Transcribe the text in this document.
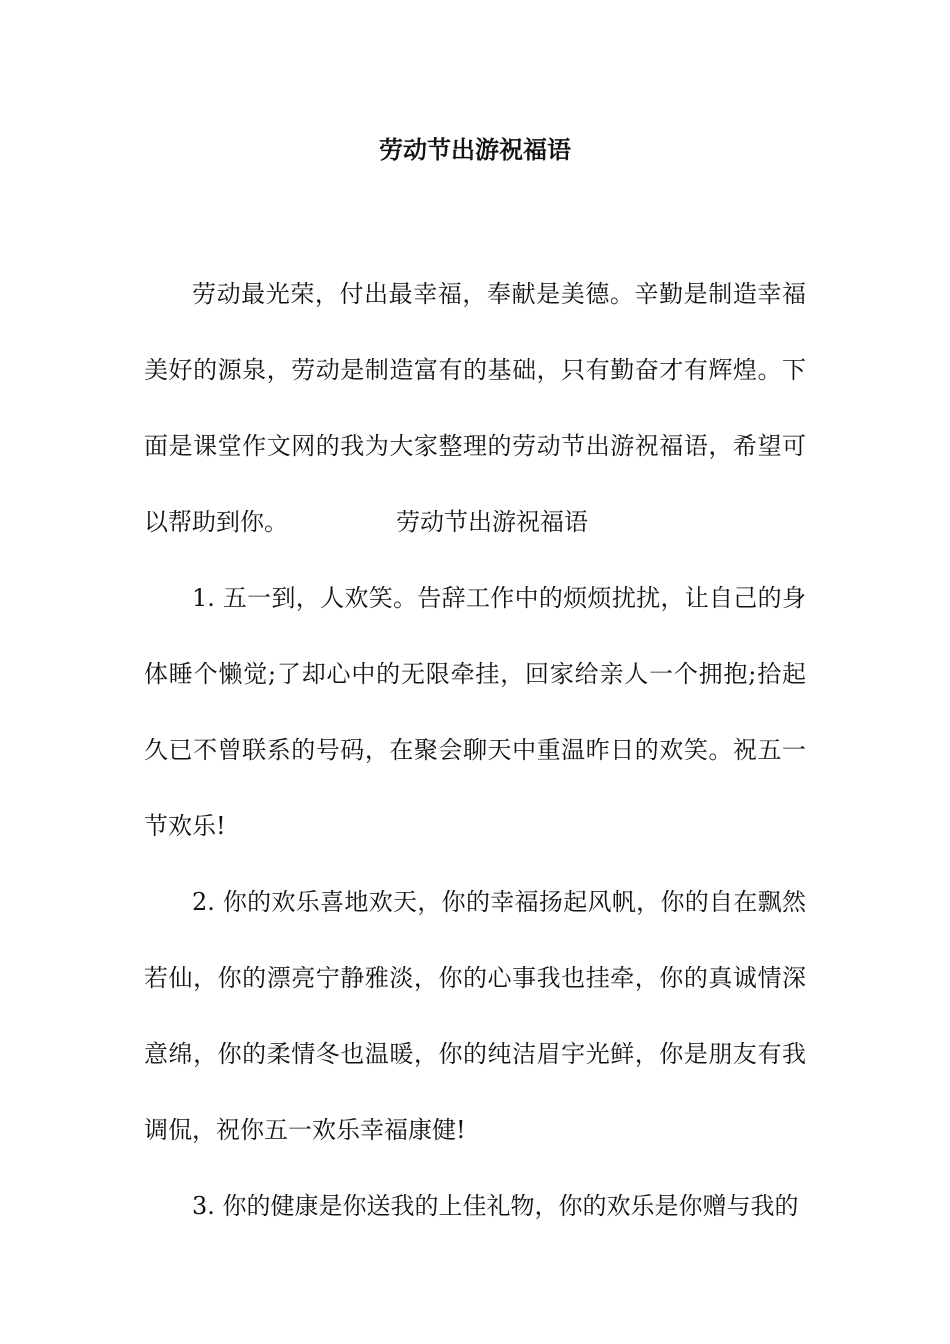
劳动节出游祝福语

劳动最光荣，付出最幸福，奉献是美德。辛勤是制造幸福美好的源泉，劳动是制造富有的基础，只有勤奋才有辉煌。下面是课堂作文网的我为大家整理的劳动节出游祝福语，希望可以帮助到你。	劳动节出游祝福语

1. 五一到，人欢笑。告辞工作中的烦烦扰扰，让自己的身体睡个懒觉;了却心中的无限牵挂，回家给亲人一个拥抱;拾起久已不曾联系的号码，在聚会聊天中重温昨日的欢笑。祝五一节欢乐!

2. 你的欢乐喜地欢天，你的幸福扬起风帆，你的自在飘然若仙，你的漂亮宁静雅淡，你的心事我也挂牵，你的真诚情深意绵，你的柔情冬也温暖，你的纯洁眉宇光鲜，你是朋友有我调侃，祝你五一欢乐幸福康健!

3. 你的健康是你送我的上佳礼物，你的欢乐是你赠与我的
